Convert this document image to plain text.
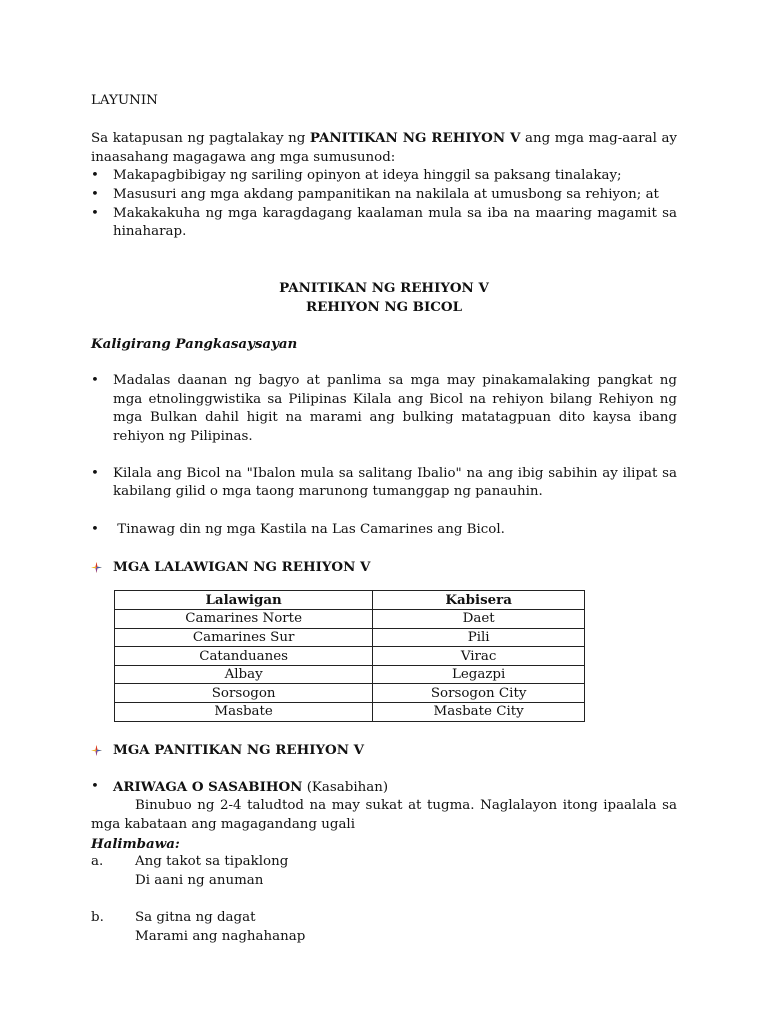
LAYUNIN

Sa katapusan ng pagtalakay ng PANITIKAN NG REHIYON V ang mga mag-aaral ay inaasahang magagawa ang mga sumusunod:

• Makapagbibigay ng sariling opinyon at ideya hinggil sa paksang tinalakay;
• Masusuri ang mga akdang pampanitikan na nakilala at umusbong sa rehiyon; at
• Makakakuha ng mga karagdagang kaalaman mula sa iba na maaring magamit sa hinaharap.

PANITIKAN NG REHIYON V

REHIYON NG BICOL

Kaligirang Pangkasaysayan

• Madalas daanan ng bagyo at panlima sa mga may pinakamalaking pangkat ng mga etnolinggwistika sa Pilipinas Kilala ang Bicol na rehiyon bilang Rehiyon ng mga Bulkan dahil higit na marami ang bulking matatagpuan dito kaysa ibang rehiyon ng Pilipinas.
• Kilala ang Bicol na "Ibalon mula sa salitang Ibalio" na ang ibig sabihin ay ilipat sa kabilang gilid o mga taong marunong tumanggap ng panauhin.
• Tinawag din ng mga Kastila na Las Camarines ang Bicol.

MGA LALAWIGAN NG REHIYON V

Lalawigan	Kabisera
Camarines Norte	Daet
Camarines Sur	Pili
Catanduanes	Virac
Albay	Legazpi
Sorsogon	Sorsogon City
Masbate	Masbate City

MGA PANITIKAN NG REHIYON V

• ARIWAGA O SASABIHON (Kasabihan)

Binubuo ng 2-4 taludtod na may sukat at tugma. Naglalayon itong ipaalala sa mga kabataan ang magagandang ugali

Halimbawa:

a.	Ang takot sa tipaklong

Di aani ng anuman

b.	Sa gitna ng dagat

Marami ang naghahanap
